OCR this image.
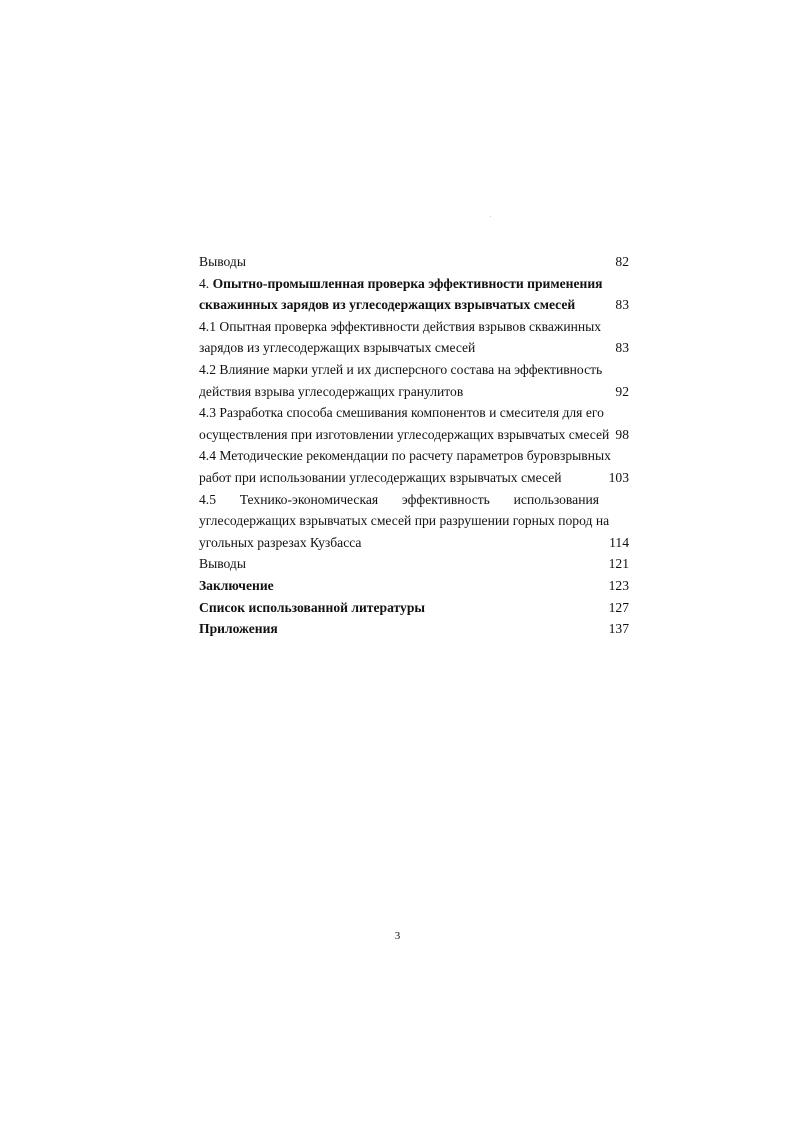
Выводы	82
4. Опытно-промышленная проверка эффективности применения
скважинных зарядов из углесодержащих взрывчатых смесей	83
4.1 Опытная проверка эффективности действия взрывов скважинных
зарядов из углесодержащих взрывчатых смесей	83
4.2 Влияние марки углей и их дисперсного состава на эффективность
действия взрыва углесодержащих гранулитов	92
4.3 Разработка способа смешивания компонентов и смесителя для его
осуществления при изготовлении углесодержащих взрывчатых смесей 98
4.4 Методические рекомендации по расчету параметров буровзрывных
работ при использовании углесодержащих взрывчатых смесей	103
4.5 Технико-экономическая эффективность использования
углесодержащих взрывчатых смесей при разрушении горных пород на
угольных разрезах Кузбасса	114
Выводы	121
Заключение	123
Список использованной литературы	127
Приложения	137
3
